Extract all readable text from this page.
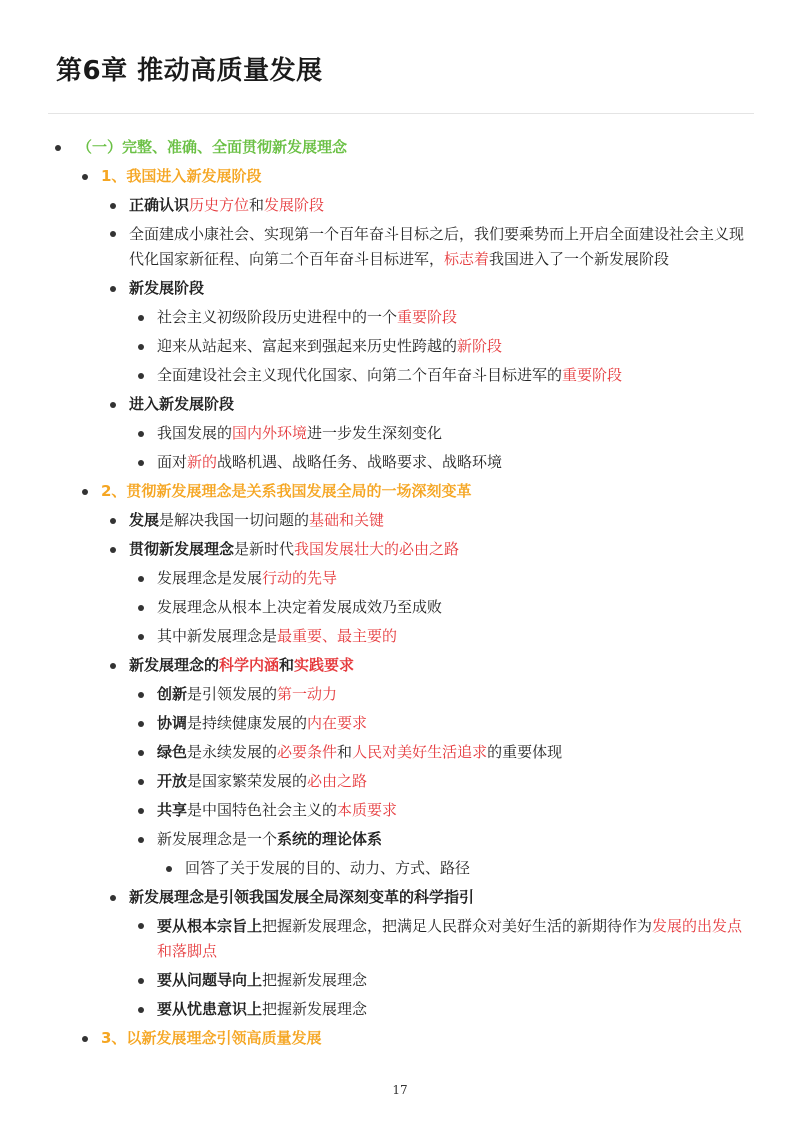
第6章 推动高质量发展
（一）完整、准确、全面贯彻新发展理念
1、我国进入新发展阶段
正确认识历史方位和发展阶段
全面建成小康社会、实现第一个百年奋斗目标之后，我们要乘势而上开启全面建设社会主义现代化国家新征程、向第二个百年奋斗目标进军，标志着我国进入了一个新发展阶段
新发展阶段
社会主义初级阶段历史进程中的一个重要阶段
迎来从站起来、富起来到强起来历史性跨越的新阶段
全面建设社会主义现代化国家、向第二个百年奋斗目标进军的重要阶段
进入新发展阶段
我国发展的国内外环境进一步发生深刻变化
面对新的战略机遇、战略任务、战略要求、战略环境
2、贯彻新发展理念是关系我国发展全局的一场深刻变革
发展是解决我国一切问题的基础和关键
贯彻新发展理念是新时代我国发展壮大的必由之路
发展理念是发展行动的先导
发展理念从根本上决定着发展成效乃至成败
其中新发展理念是最重要、最主要的
新发展理念的科学内涵和实践要求
创新是引领发展的第一动力
协调是持续健康发展的内在要求
绿色是永续发展的必要条件和人民对美好生活追求的重要体现
开放是国家繁荣发展的必由之路
共享是中国特色社会主义的本质要求
新发展理念是一个系统的理论体系
回答了关于发展的目的、动力、方式、路径
新发展理念是引领我国发展全局深刻变革的科学指引
要从根本宗旨上把握新发展理念，把满足人民群众对美好生活的新期待作为发展的出发点和落脚点
要从问题导向上把握新发展理念
要从忧患意识上把握新发展理念
3、以新发展理念引领高质量发展
17
